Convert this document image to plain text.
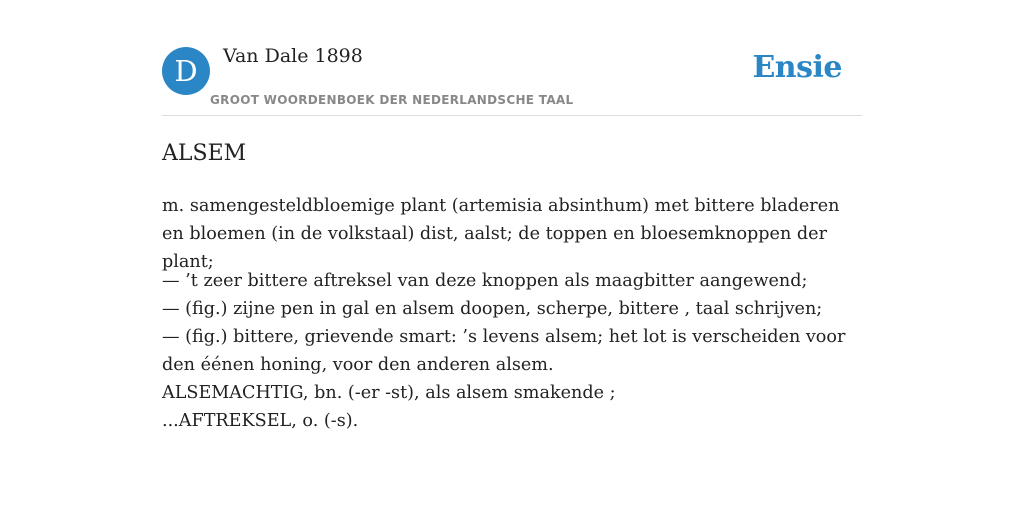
D	Van Dale 1898
GROOT WOORDENBOEK DER NEDERLANDSCHE TAAL
Ensie
ALSEM

m. samengesteldbloemige plant (artemisia absinthum) met bittere bladeren en bloemen (in de volkstaal) dist, aalst; de toppen en bloesemknoppen der plant;

— ’t zeer bittere aftreksel van deze knoppen als maagbitter aangewend;
— (fig.) zijne pen in gal en alsem doopen, scherpe, bittere , taal schrijven;
— (fig.) bittere, grievende smart: ’s levens alsem; het lot is verscheiden voor den éénen honing, voor den anderen alsem.
ALSEMACHTIG, bn. (-er -st), als alsem smakende ;
...AFTREKSEL, o. (-s).
